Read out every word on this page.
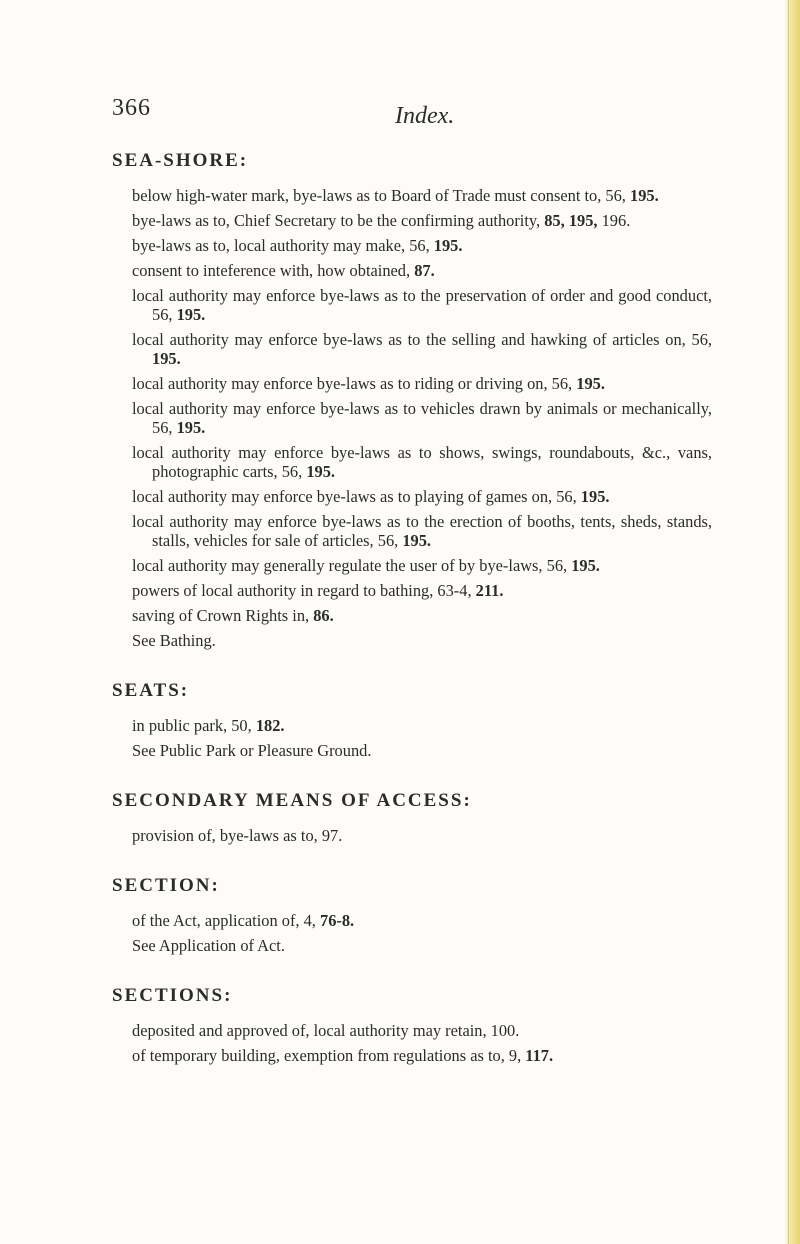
366	Index.
SEA-SHORE:
below high-water mark, bye-laws as to Board of Trade must consent to, 56, 195.
bye-laws as to, Chief Secretary to be the confirming authority, 85, 195, 196.
bye-laws as to, local authority may make, 56, 195.
consent to inteference with, how obtained, 87.
local authority may enforce bye-laws as to the preservation of order and good conduct, 56, 195.
local authority may enforce bye-laws as to the selling and hawking of articles on, 56, 195.
local authority may enforce bye-laws as to riding or driving on, 56, 195.
local authority may enforce bye-laws as to vehicles drawn by animals or mechanically, 56, 195.
local authority may enforce bye-laws as to shows, swings, roundabouts, &c., vans, photographic carts, 56, 195.
local authority may enforce bye-laws as to playing of games on, 56, 195.
local authority may enforce bye-laws as to the erection of booths, tents, sheds, stands, stalls, vehicles for sale of articles, 56, 195.
local authority may generally regulate the user of by bye-laws, 56, 195.
powers of local authority in regard to bathing, 63-4, 211.
saving of Crown Rights in, 86.
See Bathing.
SEATS:
in public park, 50, 182.
See Public Park or Pleasure Ground.
SECONDARY MEANS OF ACCESS:
provision of, bye-laws as to, 97.
SECTION:
of the Act, application of, 4, 76-8.
See Application of Act.
SECTIONS:
deposited and approved of, local authority may retain, 100.
of temporary building, exemption from regulations as to, 9, 117.
